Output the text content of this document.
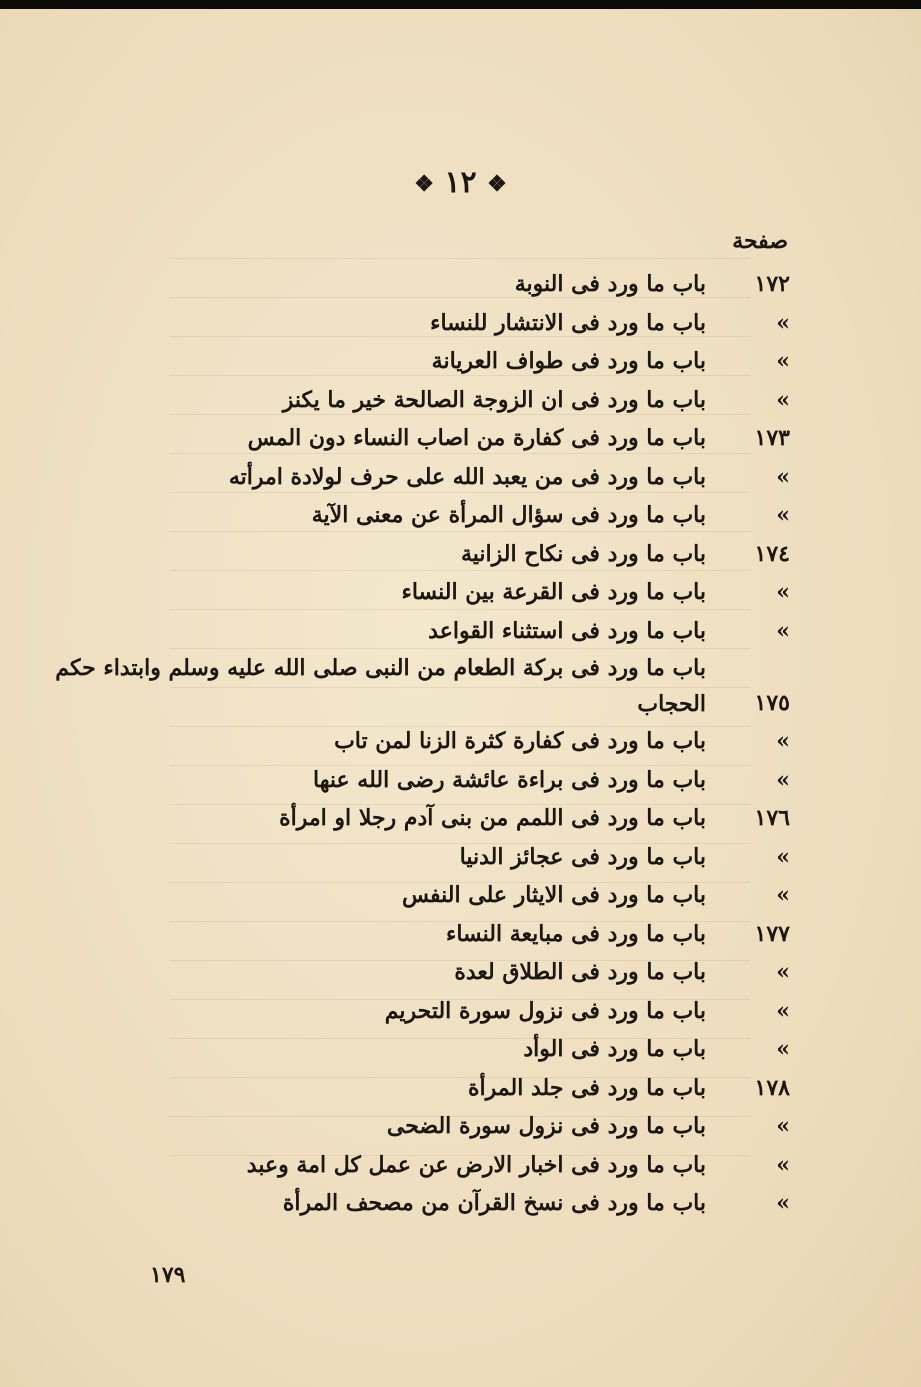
❖ ١٢ ❖
صفحة
١٧٢
باب ما ورد فى النوبة
»
باب ما ورد فى الانتشار للنساء
»
باب ما ورد فى طواف العريانة
»
باب ما ورد فى ان الزوجة الصالحة خير ما يكنز
١٧٣
باب ما ورد فى كفارة من اصاب النساء دون المس
»
باب ما ورد فى من يعبد الله على حرف لولادة امرأته
»
باب ما ورد فى سؤال المرأة عن معنى الآية
١٧٤
باب ما ورد فى نكاح الزانية
»
باب ما ورد فى القرعة بين النساء
»
باب ما ورد فى استثناء القواعد
١٧٥
باب ما ورد فى بركة الطعام من النبى صلى الله عليه وسلم وابتداء حكم الحجاب
»
باب ما ورد فى كفارة كثرة الزنا لمن تاب
»
باب ما ورد فى براءة عائشة رضى الله عنها
١٧٦
باب ما ورد فى اللمم من بنى آدم رجلا او امرأة
»
باب ما ورد فى عجائز الدنيا
»
باب ما ورد فى الايثار على النفس
١٧٧
باب ما ورد فى مبايعة النساء
»
باب ما ورد فى الطلاق لعدة
»
باب ما ورد فى نزول سورة التحريم
»
باب ما ورد فى الوأد
١٧٨
باب ما ورد فى جلد المرأة
»
باب ما ورد فى نزول سورة الضحى
»
باب ما ورد فى اخبار الارض عن عمل كل امة وعبد
»
باب ما ورد فى نسخ القرآن من مصحف المرأة
١٧٩
